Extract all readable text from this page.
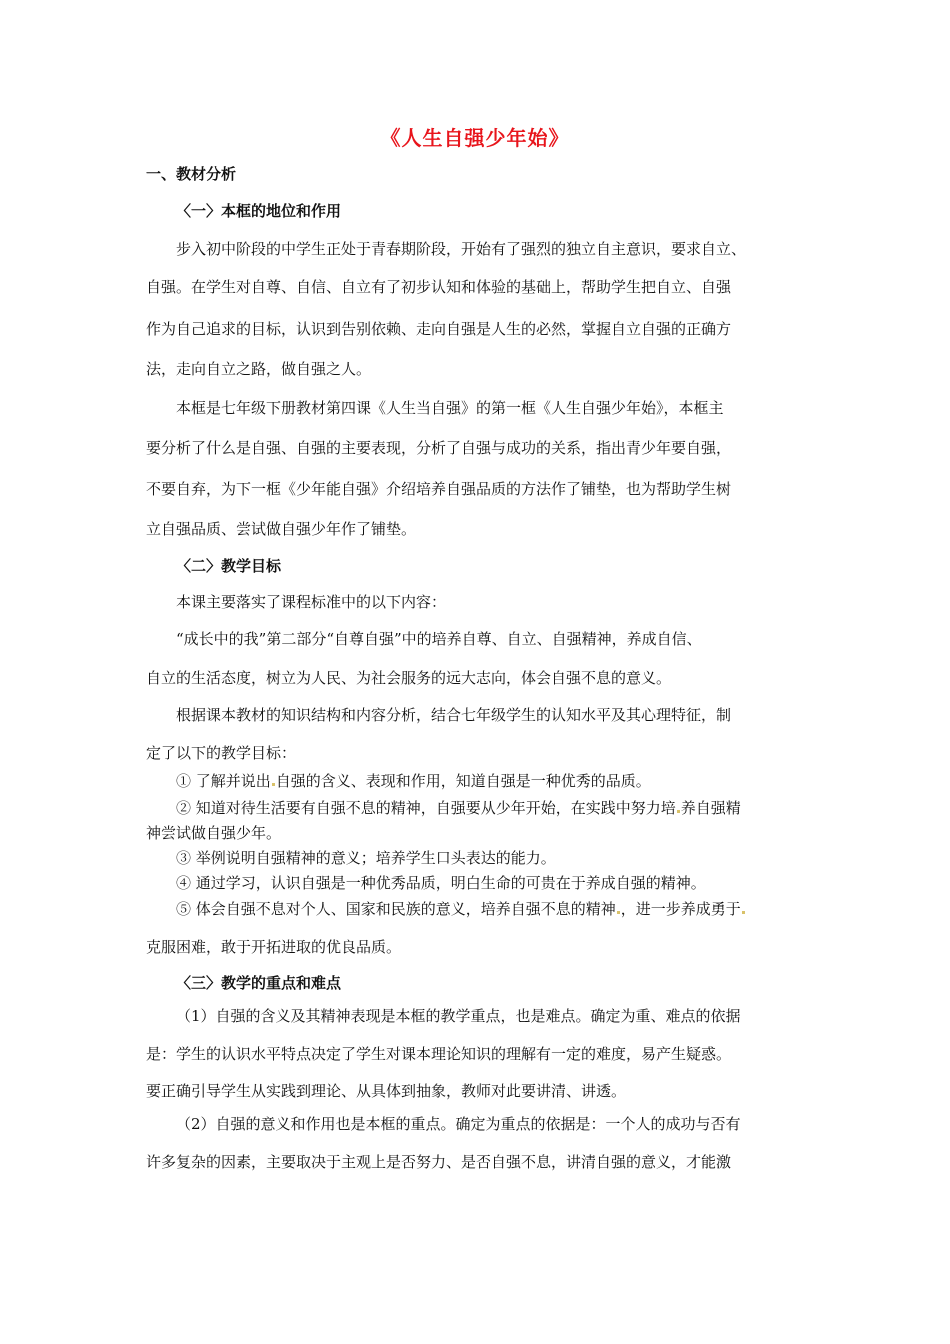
《人生自强少年始》
一、教材分析
〈一〉本框的地位和作用
步入初中阶段的中学生正处于青春期阶段，开始有了强烈的独立自主意识，要求自立、
自强。在学生对自尊、自信、自立有了初步认知和体验的基础上，帮助学生把自立、自强
作为自己追求的目标，认识到告别依赖、走向自强是人生的必然，掌握自立自强的正确方
法，走向自立之路，做自强之人。
本框是七年级下册教材第四课《人生当自强》的第一框《人生自强少年始》，本框主
要分析了什么是自强、自强的主要表现，分析了自强与成功的关系，指出青少年要自强，
不要自弃，为下一框《少年能自强》介绍培养自强品质的方法作了铺垫，也为帮助学生树
立自强品质、尝试做自强少年作了铺垫。
〈二〉教学目标
本课主要落实了课程标准中的以下内容：
“成长中的我”第二部分“自尊自强”中的培养自尊、自立、自强精神，养成自信、
自立的生活态度，树立为人民、为社会服务的远大志向，体会自强不息的意义。
根据课本教材的知识结构和内容分析，结合七年级学生的认知水平及其心理特征，制
定了以下的教学目标：
① 了解并说出 自强的含义、表现和作用，知道自强是一种优秀的品质。
② 知道对待生活要有自强不息的精神，自强要从少年开始，在实践中努力培 养自强精
神尝试做自强少年。
③ 举例说明自强精神的意义；培养学生口头表达的能力。
④ 通过学习，认识自强是一种优秀品质，明白生命的可贵在于养成自强的精神。
⑤ 体会自强不息对个人、国家和民族的意义，培养自强不息的精神 ，进一步养成勇于
克服困难，敢于开拓进取的优良品质。
〈三〉教学的重点和难点
（1）自强的含义及其精神表现是本框的教学重点，也是难点。确定为重、难点的依据
是：学生的认识水平特点决定了学生对课本理论知识的理解有一定的难度，易产生疑惑。
要正确引导学生从实践到理论、从具体到抽象，教师对此要讲清、讲透。
（2）自强的意义和作用也是本框的重点。确定为重点的依据是：一个人的成功与否有
许多复杂的因素，主要取决于主观上是否努力、是否自强不息，讲清自强的意义，才能激
